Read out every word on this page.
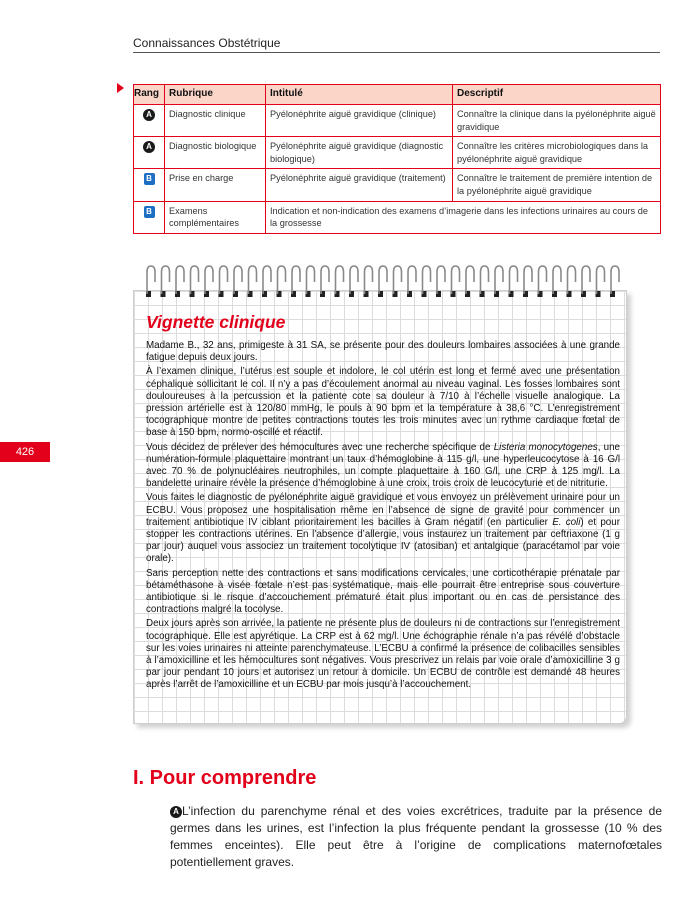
Connaissances Obstétrique
Rang	Rubrique	Intitulé	Descriptif
A	Diagnostic clinique	Pyélonéphrite aiguë gravidique (clinique)	Connaître la clinique dans la pyélonéphrite aiguë gravidique
A	Diagnostic biologique	Pyélonéphrite aiguë gravidique (diagnostic biologique)	Connaître les critères microbiologiques dans la pyélonéphrite aiguë gravidique
B	Prise en charge	Pyélonéphrite aiguë gravidique (traitement)	Connaître le traitement de première intention de la pyélonéphrite aiguë gravidique
B	Examens complémentaires	Indication et non-indication des examens d’imagerie dans les infections urinaires au cours de la grossesse	
Vignette clinique

Madame B., 32 ans, primigeste à 31 SA, se présente pour des douleurs lombaires associées à une grande fatigue depuis deux jours.

À l’examen clinique, l’utérus est souple et indolore, le col utérin est long et fermé avec une présentation céphalique sollicitant le col. Il n’y a pas d’écoulement anormal au niveau vaginal. Les fosses lombaires sont douloureuses à la percussion et la patiente cote sa douleur à 7/10 à l’échelle visuelle analogique. La pression artérielle est à 120/80 mmHg, le pouls à 90 bpm et la température à 38,6 °C. L’enregistrement tocographique montre de petites contractions toutes les trois minutes avec un rythme cardiaque fœtal de base à 150 bpm, normo-oscillé et réactif.

Vous décidez de prélever des hémocultures avec une recherche spécifique de Listeria monocytogenes, une numération-formule plaquettaire montrant un taux d’hémoglobine à 115 g/l, une hyperleucocytose à 16 G/l avec 70 % de polynucléaires neutrophiles, un compte plaquettaire à 160 G/l, une CRP à 125 mg/l. La bandelette urinaire révèle la présence d’hémoglobine à une croix, trois croix de leucocyturie et de nitriturie.

Vous faites le diagnostic de pyélonéphrite aiguë gravidique et vous envoyez un prélèvement urinaire pour un ECBU. Vous proposez une hospitalisation même en l’absence de signe de gravité pour commencer un traitement antibiotique IV ciblant prioritairement les bacilles à Gram négatif (en particulier E. coli) et pour stopper les contractions utérines. En l’absence d’allergie, vous instaurez un traitement par ceftriaxone (1 g par jour) auquel vous associez un traitement tocolytique IV (atosiban) et antalgique (paracétamol par voie orale).

Sans perception nette des contractions et sans modifications cervicales, une corticothérapie prénatale par bétaméthasone à visée fœtale n’est pas systématique, mais elle pourrait être entreprise sous couverture antibiotique si le risque d’accouchement prématuré était plus important ou en cas de persistance des contractions malgré la tocolyse.

Deux jours après son arrivée, la patiente ne présente plus de douleurs ni de contractions sur l’enregistrement tocographique. Elle est apyrétique. La CRP est à 62 mg/l. Une échographie rénale n’a pas révélé d’obstacle sur les voies urinaires ni atteinte parenchymateuse. L’ECBU a confirmé la présence de colibacilles sensibles à l’amoxicilline et les hémocultures sont négatives. Vous prescrivez un relais par voie orale d’amoxicilline 3 g par jour pendant 10 jours et autorisez un retour à domicile. Un ECBU de contrôle est demandé 48 heures après l’arrêt de l’amoxicilline et un ECBU par mois jusqu’à l’accouchement.

426
I. Pour comprendre
A L’infection du parenchyme rénal et des voies excrétrices, traduite par la présence de germes dans les urines, est l’infection la plus fréquente pendant la grossesse (10 % des femmes enceintes). Elle peut être à l’origine de complications maternofœtales potentiellement graves.
